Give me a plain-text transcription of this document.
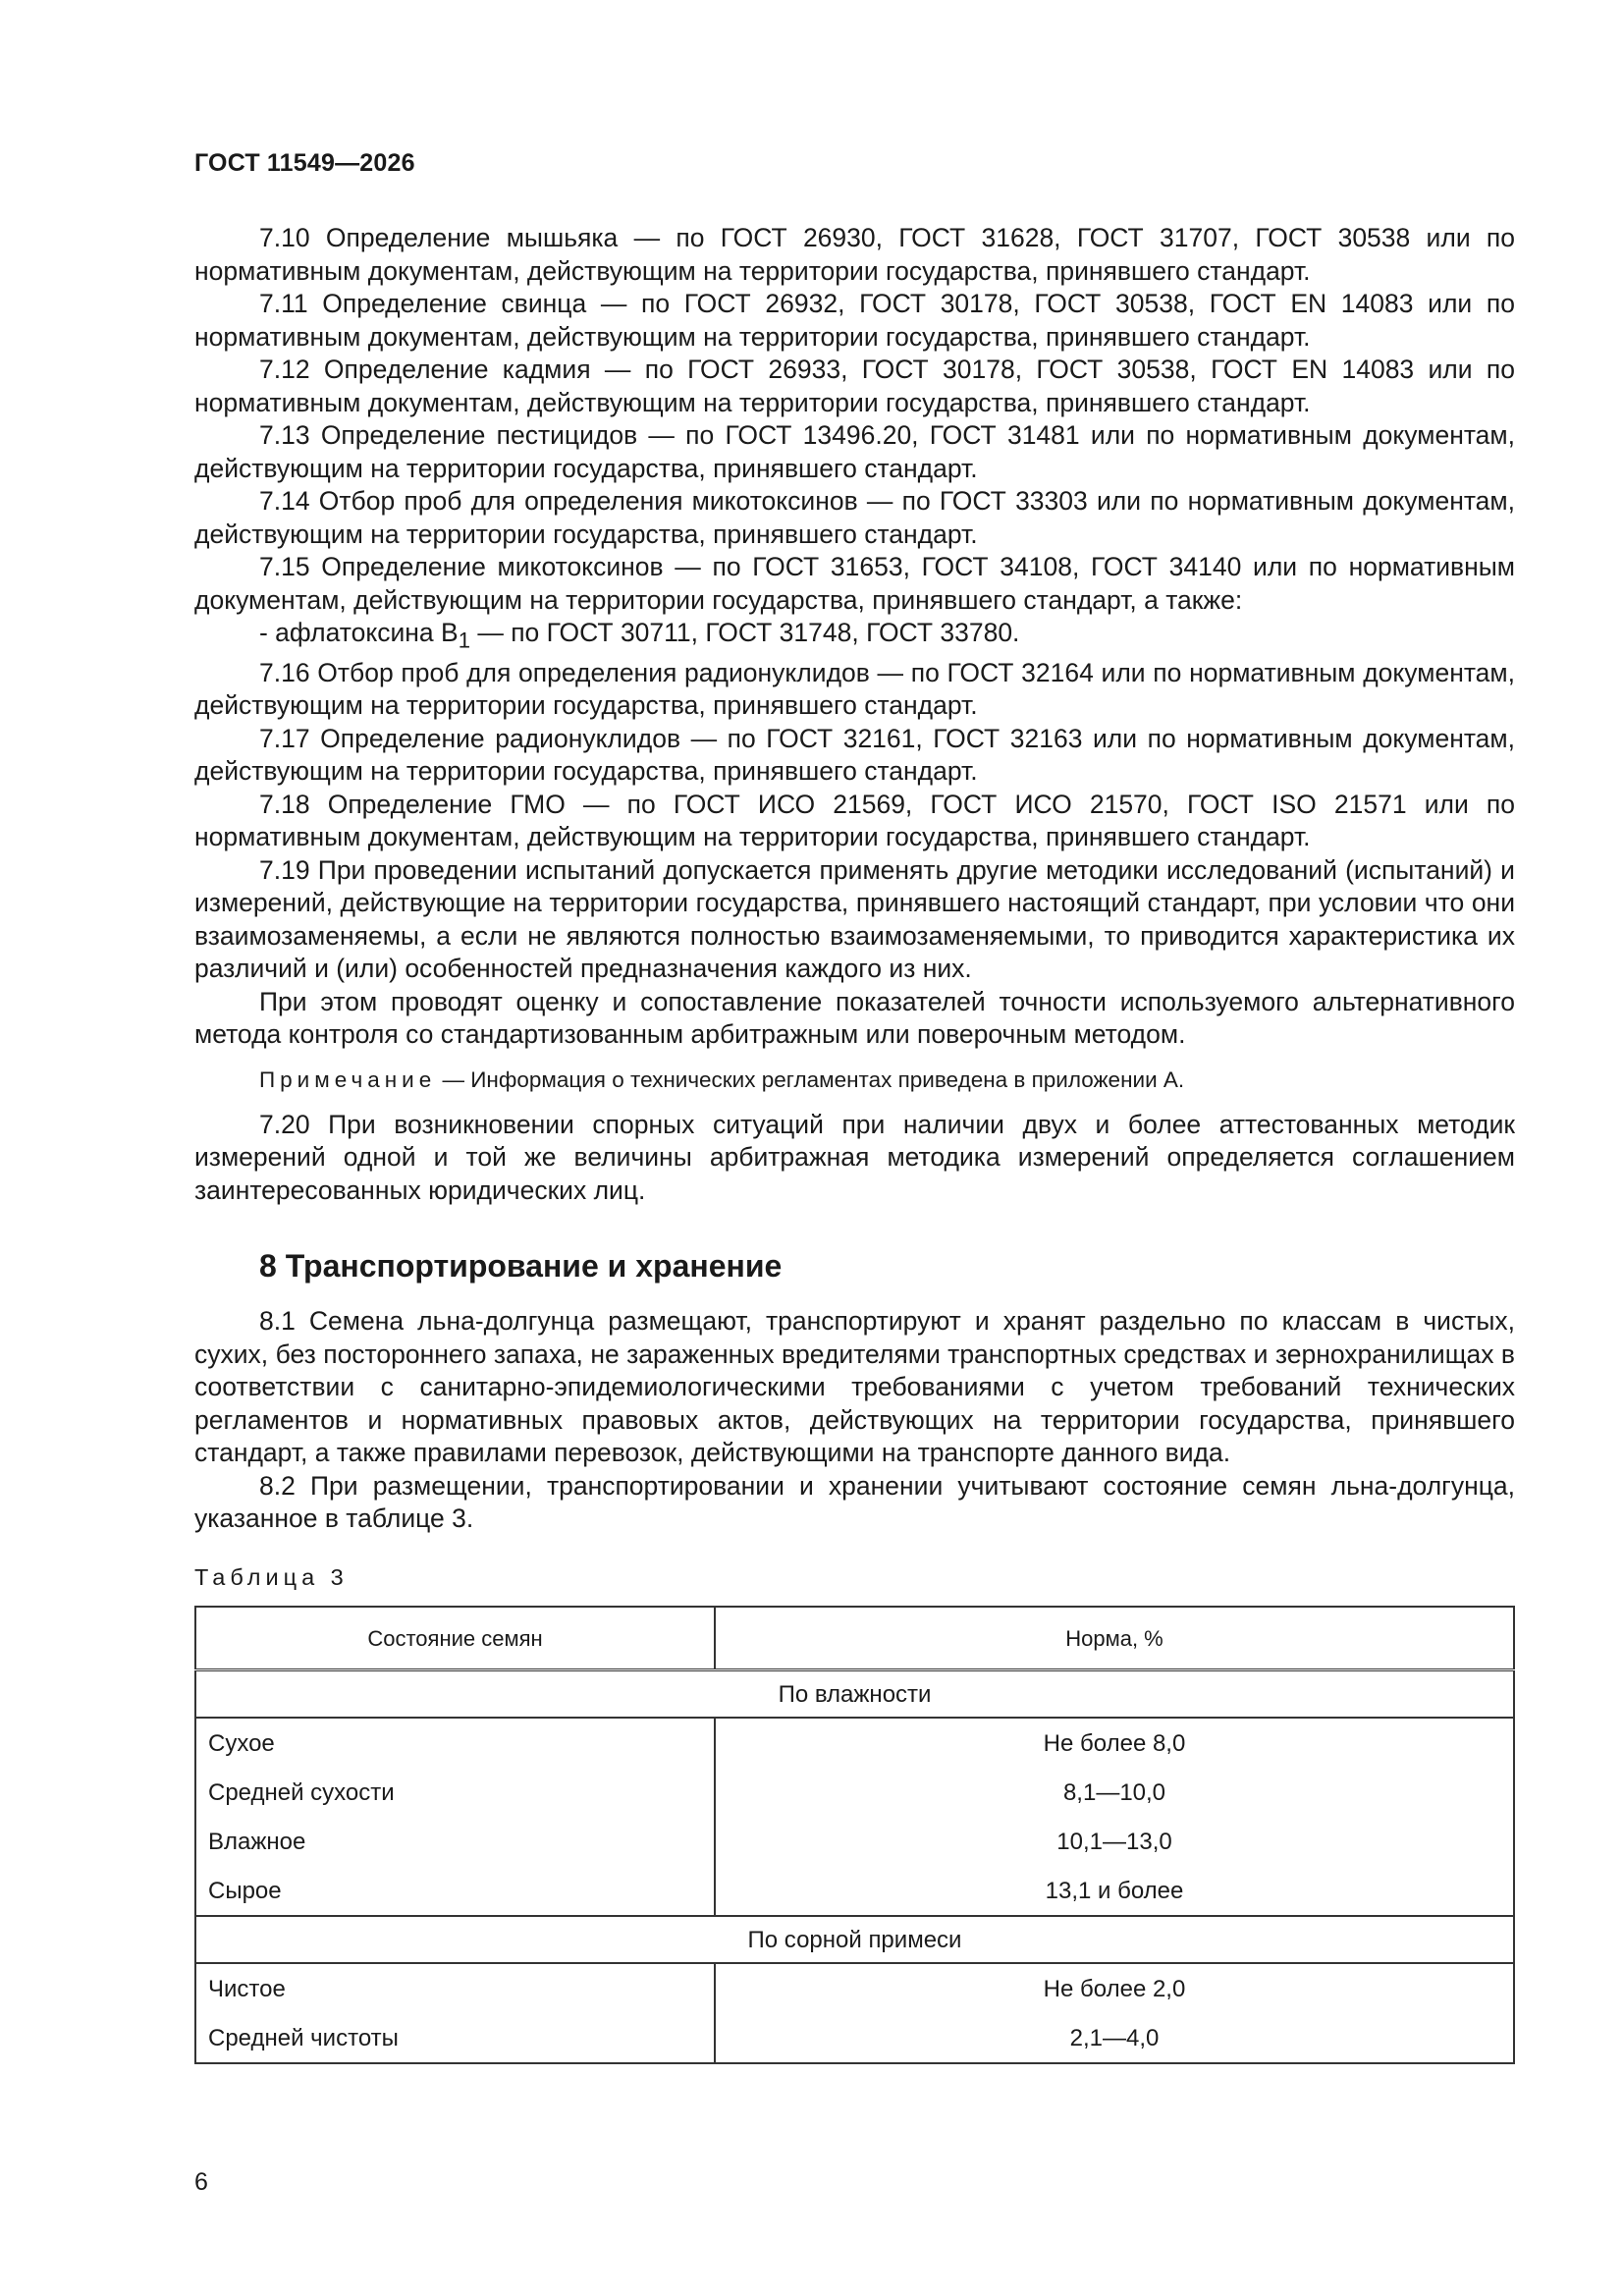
ГОСТ 11549—2026

7.10 Определение мышьяка — по ГОСТ 26930, ГОСТ 31628, ГОСТ 31707, ГОСТ 30538 или по нормативным документам, действующим на территории государства, принявшего стандарт.

7.11 Определение свинца — по ГОСТ 26932, ГОСТ 30178, ГОСТ 30538, ГОСТ EN 14083 или по нормативным документам, действующим на территории государства, принявшего стандарт.

7.12 Определение кадмия — по ГОСТ 26933, ГОСТ 30178, ГОСТ 30538, ГОСТ EN 14083 или по нормативным документам, действующим на территории государства, принявшего стандарт.

7.13 Определение пестицидов — по ГОСТ 13496.20, ГОСТ 31481 или по нормативным документам, действующим на территории государства, принявшего стандарт.

7.14 Отбор проб для определения микотоксинов — по ГОСТ 33303 или по нормативным документам, действующим на территории государства, принявшего стандарт.

7.15 Определение микотоксинов — по ГОСТ 31653, ГОСТ 34108, ГОСТ 34140 или по нормативным документам, действующим на территории государства, принявшего стандарт, а также:

- афлатоксина $B_1$ — по ГОСТ 30711, ГОСТ 31748, ГОСТ 33780.

7.16 Отбор проб для определения радионуклидов — по ГОСТ 32164 или по нормативным документам, действующим на территории государства, принявшего стандарт.

7.17 Определение радионуклидов — по ГОСТ 32161, ГОСТ 32163 или по нормативным документам, действующим на территории государства, принявшего стандарт.

7.18 Определение ГМО — по ГОСТ ИСО 21569, ГОСТ ИСО 21570, ГОСТ ISO 21571 или по нормативным документам, действующим на территории государства, принявшего стандарт.

7.19 При проведении испытаний допускается применять другие методики исследований (испытаний) и измерений, действующие на территории государства, принявшего настоящий стандарт, при условии что они взаимозаменяемы, а если не являются полностью взаимозаменяемыми, то приводится характеристика их различий и (или) особенностей предназначения каждого из них.

При этом проводят оценку и сопоставление показателей точности используемого альтернативного метода контроля со стандартизованным арбитражным или поверочным методом.

Примечание — Информация о технических регламентах приведена в приложении А.

7.20 При возникновении спорных ситуаций при наличии двух и более аттестованных методик измерений одной и той же величины арбитражная методика измерений определяется соглашением заинтересованных юридических лиц.

8 Транспортирование и хранение

8.1 Семена льна-долгунца размещают, транспортируют и хранят раздельно по классам в чистых, сухих, без постороннего запаха, не зараженных вредителями транспортных средствах и зернохранилищах в соответствии с санитарно-эпидемиологическими требованиями с учетом требований технических регламентов и нормативных правовых актов, действующих на территории государства, принявшего стандарт, а также правилами перевозок, действующими на транспорте данного вида.

8.2 При размещении, транспортировании и хранении учитывают состояние семян льна-долгунца, указанное в таблице 3.

Таблица 3
Состояние семян	Норма, %
По влажности	
Сухое	Не более 8,0
Средней сухости	8,1—10,0
Влажное	10,1—13,0
Сырое	13,1 и более
По сорной примеси	
Чистое	Не более 2,0
Средней чистоты	2,1—4,0
6
